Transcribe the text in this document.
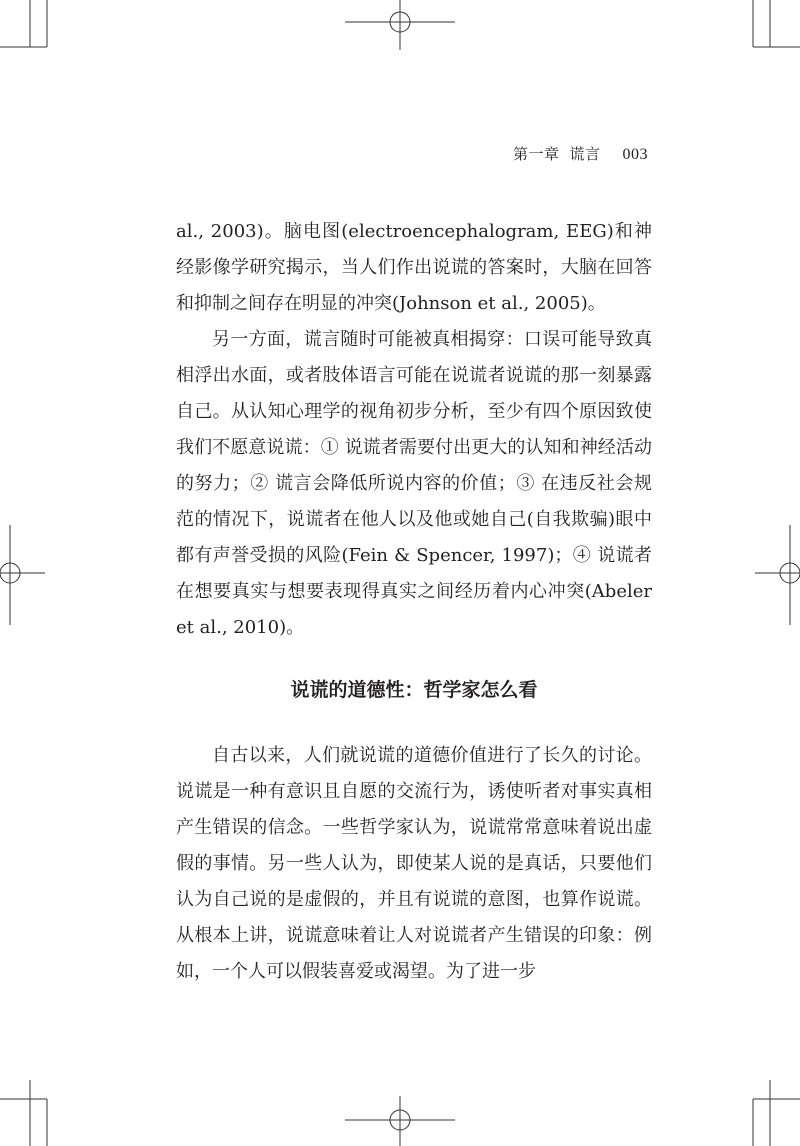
第一章 谎言 003

al., 2003)。脑电图(electroencephalogram, EEG)和神经影像学研究揭示，当人们作出说谎的答案时，大脑在回答和抑制之间存在明显的冲突(Johnson et al., 2005)。

另一方面，谎言随时可能被真相揭穿：口误可能导致真相浮出水面，或者肢体语言可能在说谎者说谎的那一刻暴露自己。从认知心理学的视角初步分析，至少有四个原因致使我们不愿意说谎：① 说谎者需要付出更大的认知和神经活动的努力；② 谎言会降低所说内容的价值；③ 在违反社会规范的情况下，说谎者在他人以及他或她自己(自我欺骗)眼中都有声誉受损的风险(Fein & Spencer, 1997)；④ 说谎者在想要真实与想要表现得真实之间经历着内心冲突(Abeler et al., 2010)。

说谎的道德性：哲学家怎么看

自古以来，人们就说谎的道德价值进行了长久的讨论。说谎是一种有意识且自愿的交流行为，诱使听者对事实真相产生错误的信念。一些哲学家认为，说谎常常意味着说出虚假的事情。另一些人认为，即使某人说的是真话，只要他们认为自己说的是虚假的，并且有说谎的意图，也算作说谎。从根本上讲，说谎意味着让人对说谎者产生错误的印象：例如，一个人可以假装喜爱或渴望。为了进一步
